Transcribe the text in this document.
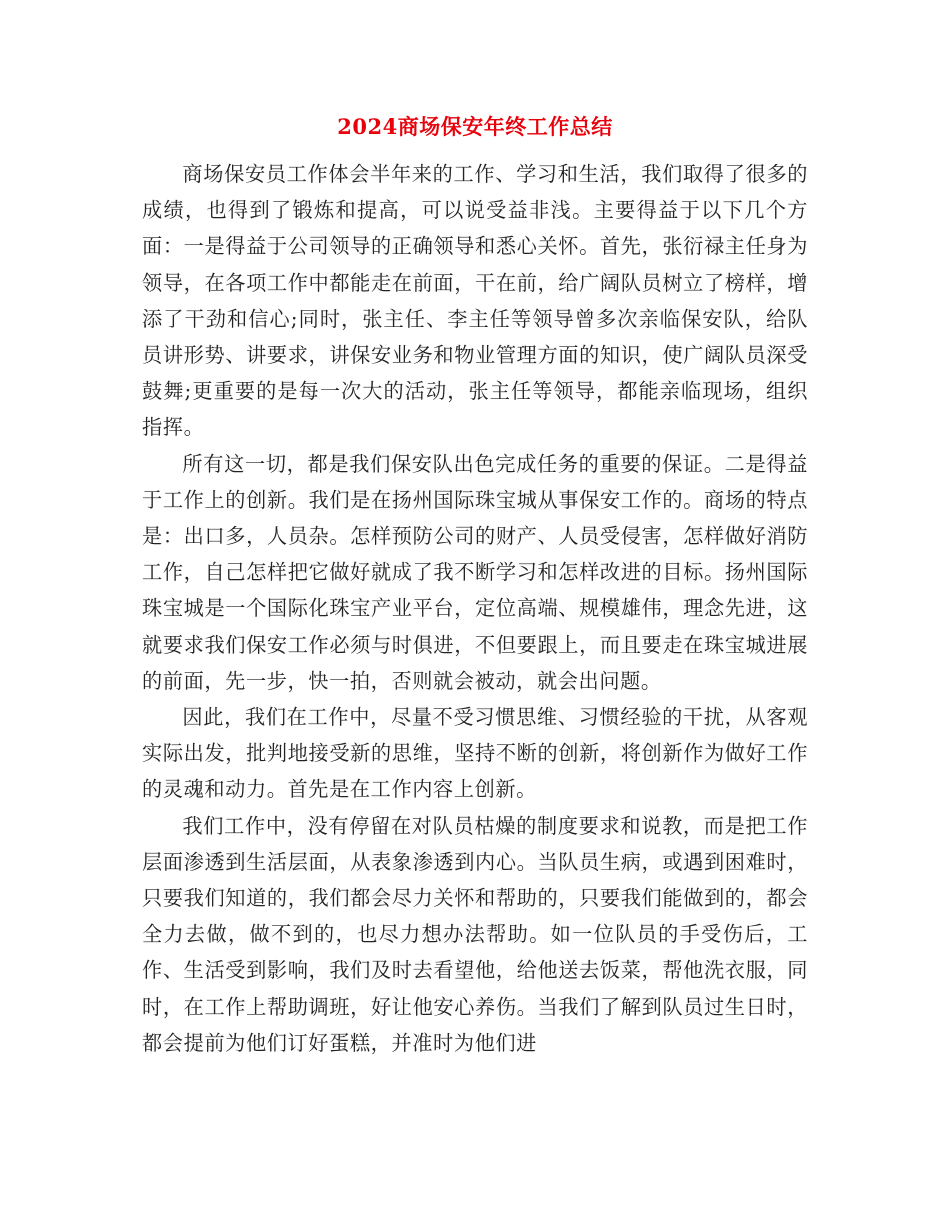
2024商场保安年终工作总结

商场保安员工作体会半年来的工作、学习和生活，我们取得了很多的成绩，也得到了锻炼和提高，可以说受益非浅。主要得益于以下几个方面：一是得益于公司领导的正确领导和悉心关怀。首先，张衍禄主任身为领导，在各项工作中都能走在前面，干在前，给广阔队员树立了榜样，增添了干劲和信心;同时，张主任、李主任等领导曾多次亲临保安队，给队员讲形势、讲要求，讲保安业务和物业管理方面的知识，使广阔队员深受鼓舞;更重要的是每一次大的活动，张主任等领导，都能亲临现场，组织指挥。

所有这一切，都是我们保安队出色完成任务的重要的保证。二是得益于工作上的创新。我们是在扬州国际珠宝城从事保安工作的。商场的特点是：出口多，人员杂。怎样预防公司的财产、人员受侵害，怎样做好消防工作，自己怎样把它做好就成了我不断学习和怎样改进的目标。扬州国际珠宝城是一个国际化珠宝产业平台，定位高端、规模雄伟，理念先进，这就要求我们保安工作必须与时俱进，不但要跟上，而且要走在珠宝城进展的前面，先一步，快一拍，否则就会被动，就会出问题。

因此，我们在工作中，尽量不受习惯思维、习惯经验的干扰，从客观实际出发，批判地接受新的思维，坚持不断的创新，将创新作为做好工作的灵魂和动力。首先是在工作内容上创新。

我们工作中，没有停留在对队员枯燥的制度要求和说教，而是把工作层面渗透到生活层面，从表象渗透到内心。当队员生病，或遇到困难时，只要我们知道的，我们都会尽力关怀和帮助的，只要我们能做到的，都会全力去做，做不到的，也尽力想办法帮助。如一位队员的手受伤后，工作、生活受到影响，我们及时去看望他，给他送去饭菜，帮他洗衣服，同时，在工作上帮助调班，好让他安心养伤。当我们了解到队员过生日时，都会提前为他们订好蛋糕，并准时为他们进
